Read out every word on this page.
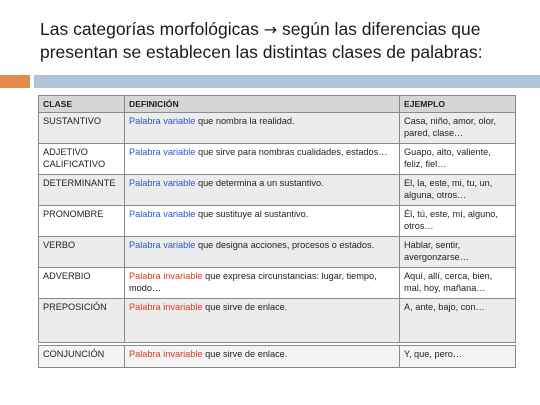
Las categorías morfológicas → según las diferencias que presentan se establecen las distintas clases de palabras:
CLASE	DEFINICIÓN	EJEMPLO
SUSTANTIVO	Palabra variable que nombra la realidad.	Casa, niño, amor, olor, pared, clase…
ADJETIVO CALIFICATIVO	Palabra variable que sirve para nombras cualidades, estados…	Guapo, alto, valiente, feliz, fiel…
DETERMINANTE	Palabra variable que determina a un sustantivo.	El, la, este, mi, tu, un, alguna, otros…
PRONOMBRE	Palabra variable que sustituye al sustantivo.	Él, tú, este, mí, alguno, otros…
VERBO	Palabra variable que designa acciones, procesos o estados.	Hablar, sentir, avergonzarse…
ADVERBIO	Palabra invariable que expresa circunstancias: lugar, tiempo, modo…	Aquí, allí, cerca, bien, mal, hoy, mañana…
PREPOSICIÓN	Palabra invariable que sirve de enlace.	A, ante, bajo, con…
CONJUNCIÓN	Palabra invariable que sirve de enlace.	Y, que, pero…
